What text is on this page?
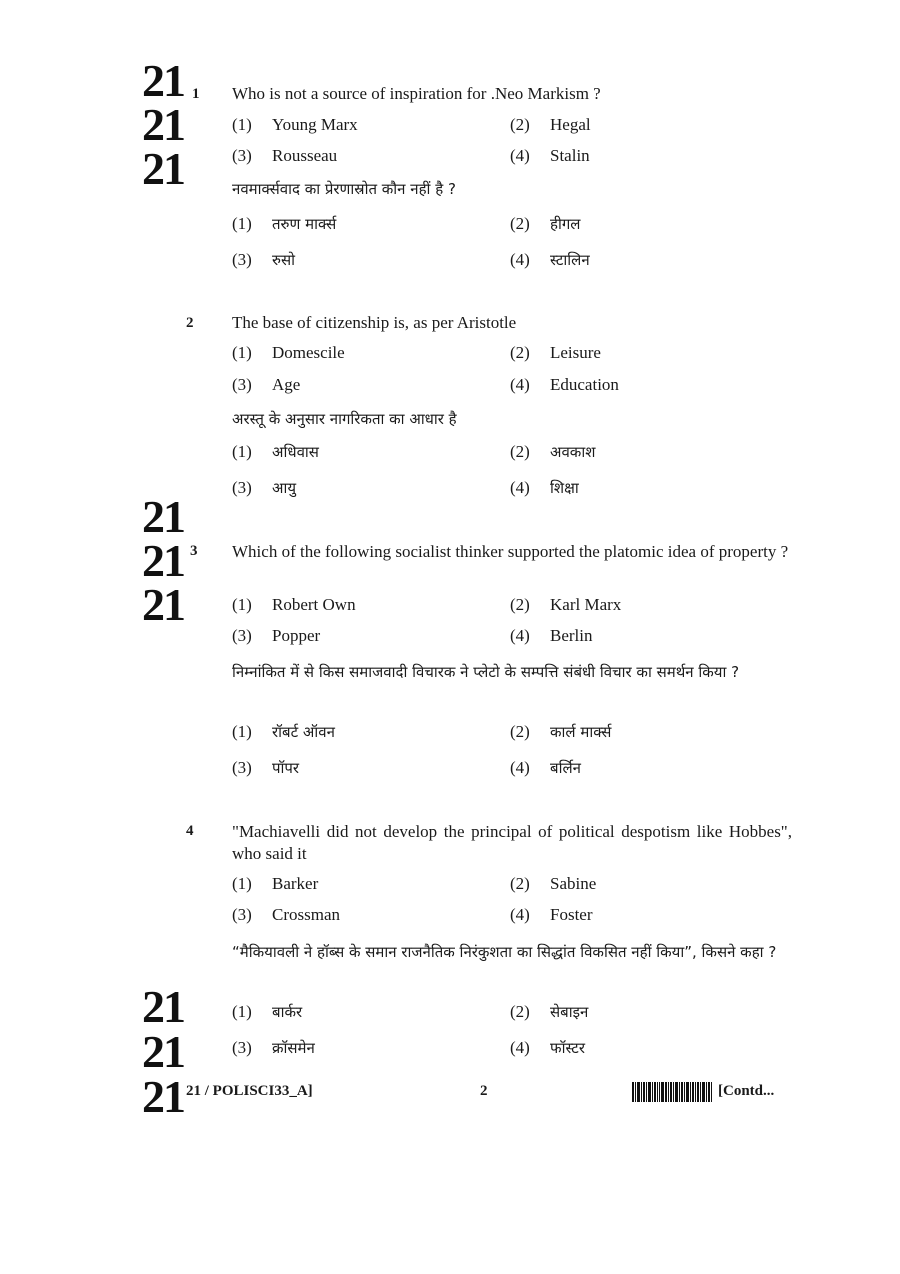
21
21
21
21
21
21
21
21
21
1 Who is not a source of inspiration for .Neo Markism ?
(1) Young Marx	(2) Hegal
(3) Rousseau	(4) Stalin
नवमार्क्सवाद का प्रेरणास्रोत कौन नहीं है ?
(1) तरुण मार्क्स	(2) हीगल
(3) रुसो	(4) स्टालिन
2 The base of citizenship is, as per Aristotle
(1) Domescile	(2) Leisure
(3) Age	(4) Education
अरस्तू के अनुसार नागरिकता का आधार है
(1) अधिवास	(2) अवकाश
(3) आयु	(4) शिक्षा
3 Which of the following socialist thinker supported the platomic idea of property ?
(1) Robert Own	(2) Karl Marx
(3) Popper	(4) Berlin
निम्नांकित में से किस समाजवादी विचारक ने प्लेटो के सम्पत्ति संबंधी विचार का समर्थन किया ?
(1) रॉबर्ट ऑवन	(2) कार्ल मार्क्स
(3) पॉपर	(4) बर्लिन
4 "Machiavelli did not develop the principal of political despotism like Hobbes", who said it
(1) Barker	(2) Sabine
(3) Crossman	(4) Foster
“मैकियावली ने हॉब्स के समान राजनैतिक निरंकुशता का सिद्धांत विकसित नहीं किया”, किसने कहा ?
(1) बार्कर	(2) सेबाइन
(3) क्रॉसमेन	(4) फॉस्टर
21 / POLISCI33_A]	2	[Contd...
